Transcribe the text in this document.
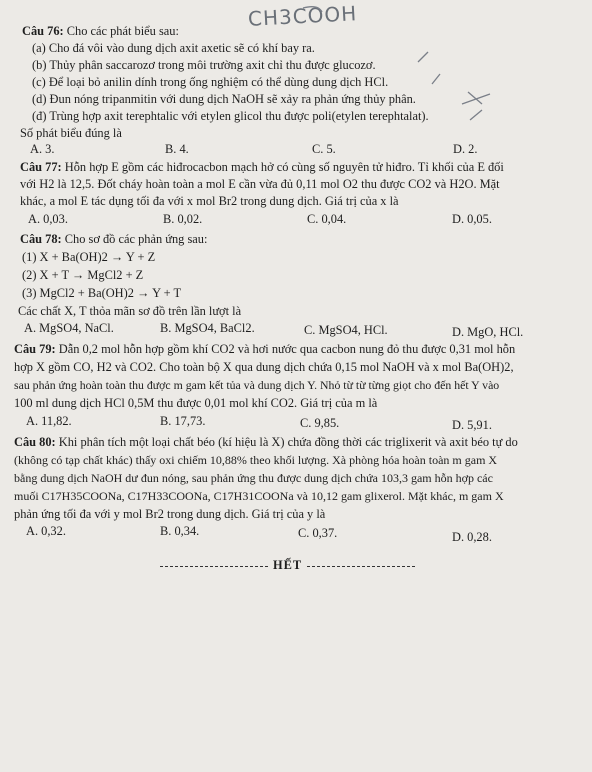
CH3COOH
Câu 76: Cho các phát biểu sau:
(a) Cho đá vôi vào dung dịch axit axetic sẽ có khí bay ra.
(b) Thủy phân saccarozơ trong môi trường axit chỉ thu được glucozơ.
(c) Để loại bỏ anilin dính trong ống nghiệm có thể dùng dung dịch HCl.
(d) Đun nóng tripanmitin với dung dịch NaOH sẽ xảy ra phản ứng thủy phân.
(đ) Trùng hợp axit terephtalic với etylen glicol thu được poli(etylen terephtalat).
Số phát biểu đúng là
A. 3.	B. 4.	C. 5.	D. 2.
Câu 77: Hỗn hợp E gồm các hiđrocacbon mạch hở có cùng số nguyên tử hiđro. Tỉ khối của E đối
với H2 là 12,5. Đốt cháy hoàn toàn a mol E cần vừa đủ 0,11 mol O2 thu được CO2 và H2O. Mặt
khác, a mol E tác dụng tối đa với x mol Br2 trong dung dịch. Giá trị của x là
A. 0,03.	B. 0,02.	C. 0,04.	D. 0,05.
Câu 78: Cho sơ đồ các phản ứng sau:
(1) X + Ba(OH)2 → Y + Z
(2) X + T → MgCl2 + Z
(3) MgCl2 + Ba(OH)2 → Y + T
Các chất X, T thỏa mãn sơ đồ trên lần lượt là
A. MgSO4, NaCl.	B. MgSO4, BaCl2.	C. MgSO4, HCl.	D. MgO, HCl.
Câu 79: Dẫn 0,2 mol hỗn hợp gồm khí CO2 và hơi nước qua cacbon nung đỏ thu được 0,31 mol hỗn
hợp X gồm CO, H2 và CO2. Cho toàn bộ X qua dung dịch chứa 0,15 mol NaOH và x mol Ba(OH)2,
sau phản ứng hoàn toàn thu được m gam kết tủa và dung dịch Y. Nhỏ từ từ từng giọt cho đến hết Y vào
100 ml dung dịch HCl 0,5M thu được 0,01 mol khí CO2. Giá trị của m là
A. 11,82.	B. 17,73.	C. 9,85.	D. 5,91.
Câu 80: Khi phân tích một loại chất béo (kí hiệu là X) chứa đồng thời các triglixerit và axit béo tự do
(không có tạp chất khác) thấy oxi chiếm 10,88% theo khối lượng. Xà phòng hóa hoàn toàn m gam X
bằng dung dịch NaOH dư đun nóng, sau phản ứng thu được dung dịch chứa 103,3 gam hỗn hợp các
muối C17H35COONa, C17H33COONa, C17H31COONa và 10,12 gam glixerol. Mặt khác, m gam X
phản ứng tối đa với y mol Br2 trong dung dịch. Giá trị của y là
A. 0,32.	B. 0,34.	C. 0,37.	D. 0,28.
HẾT
